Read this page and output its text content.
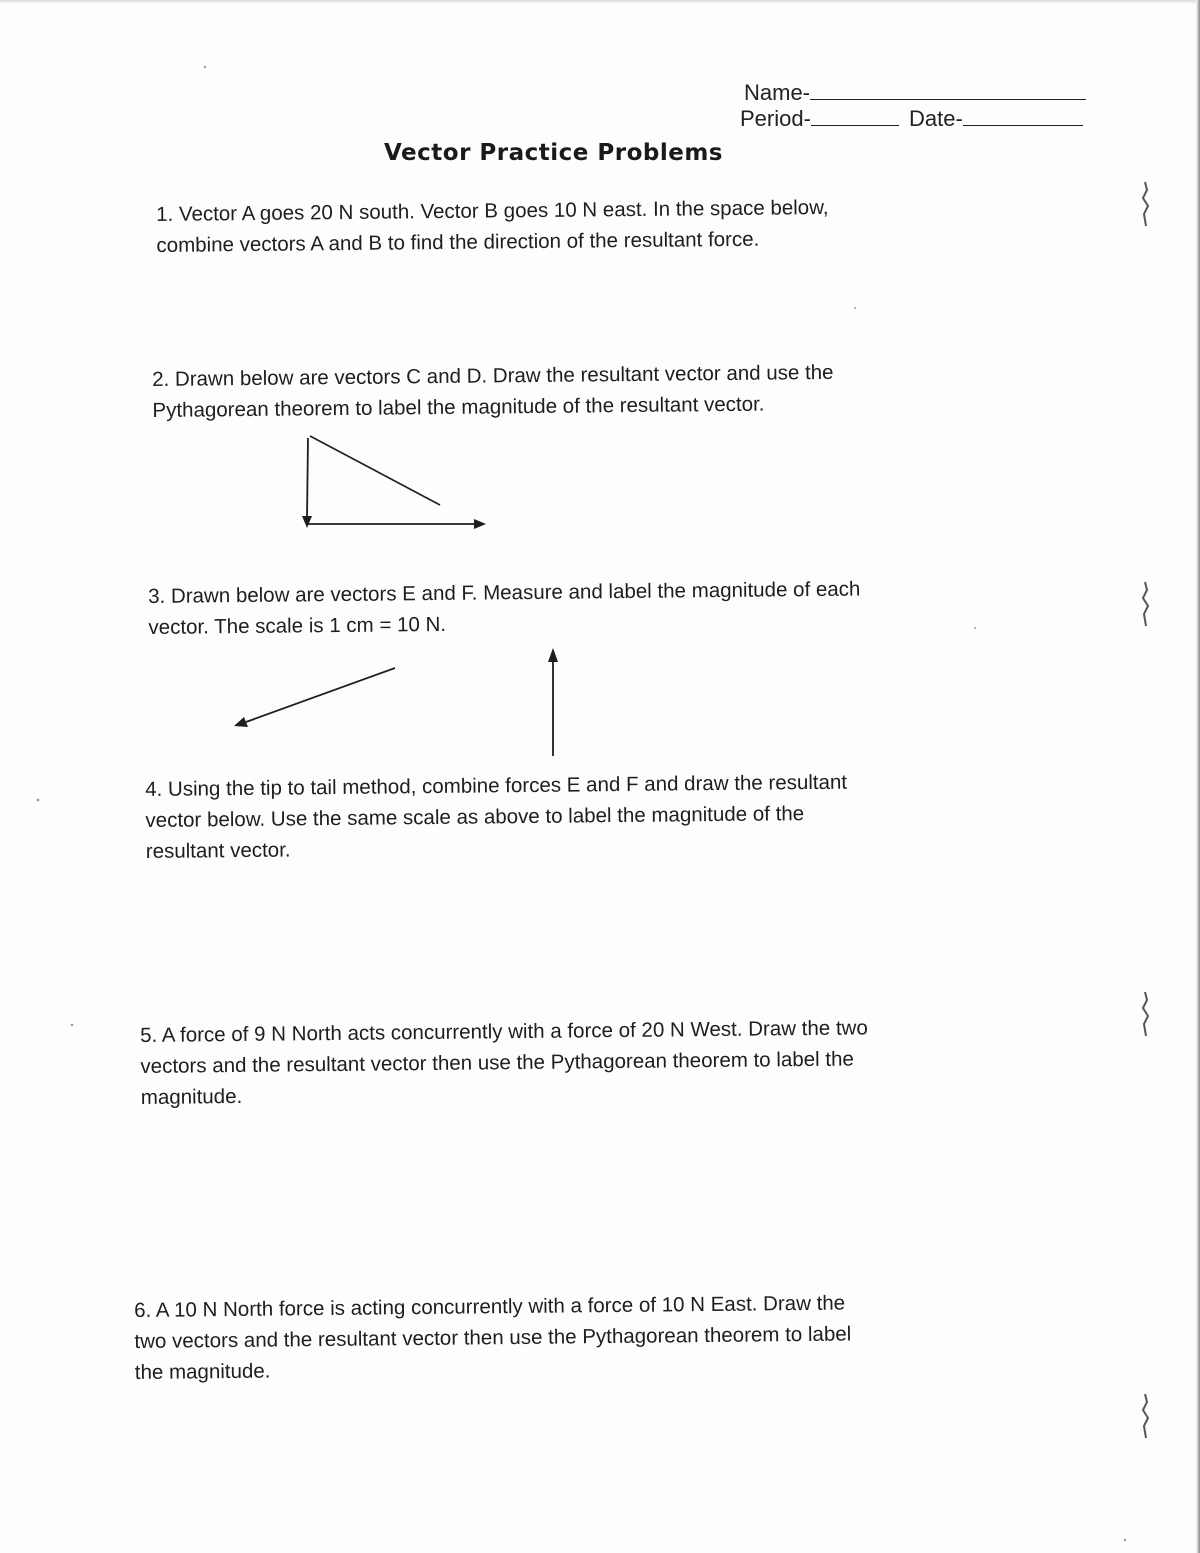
Name-
Period-	Date-
Vector Practice Problems

1. Vector A goes 20 N south. Vector B goes 10 N east. In the space below,

combine vectors A and B to find the direction of the resultant force.

2. Drawn below are vectors C and D. Draw the resultant vector and use the

Pythagorean theorem to label the magnitude of the resultant vector.

3. Drawn below are vectors E and F. Measure and label the magnitude of each

vector. The scale is 1 cm = 10 N.

4. Using the tip to tail method, combine forces E and F and draw the resultant

vector below. Use the same scale as above to label the magnitude of the

resultant vector.

5. A force of 9 N North acts concurrently with a force of 20 N West. Draw the two

vectors and the resultant vector then use the Pythagorean theorem to label the

magnitude.

6. A 10 N North force is acting concurrently with a force of 10 N East. Draw the

two vectors and the resultant vector then use the Pythagorean theorem to label

the magnitude.
